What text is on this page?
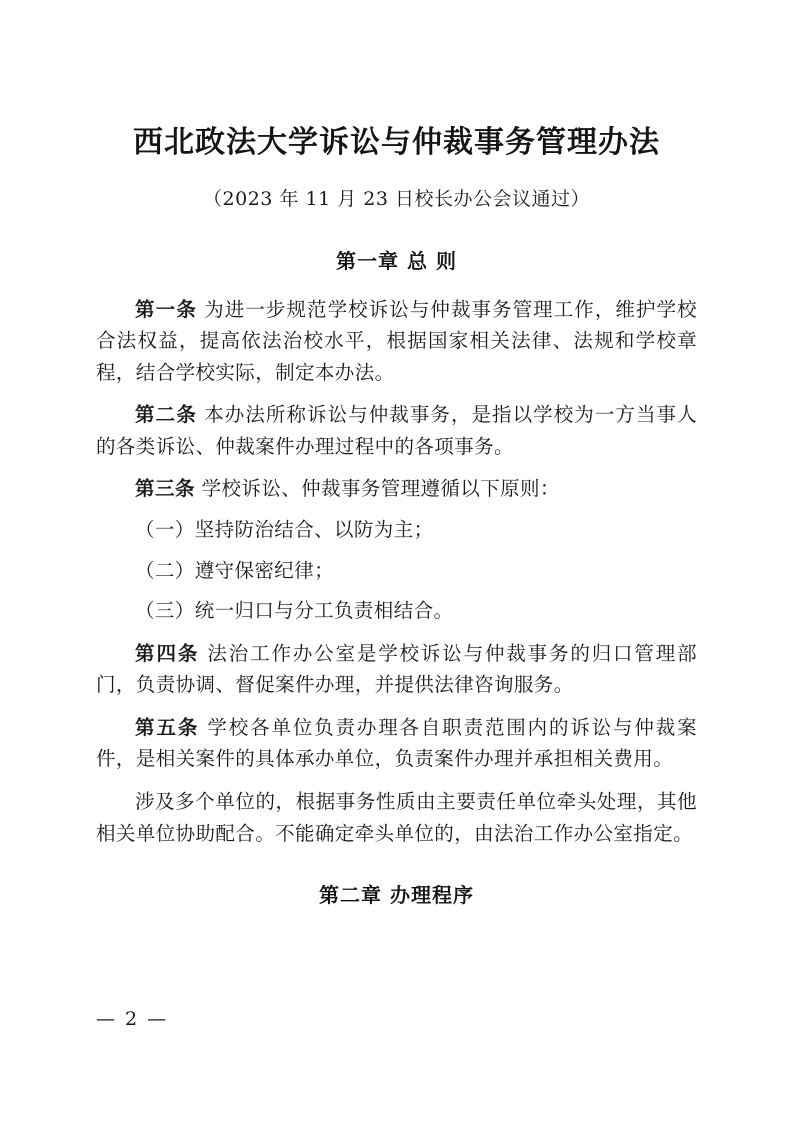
西北政法大学诉讼与仲裁事务管理办法

（2023 年 11 月 23 日校长办公会议通过）

第一章 总 则

第一条 为进一步规范学校诉讼与仲裁事务管理工作，维护学校合法权益，提高依法治校水平，根据国家相关法律、法规和学校章程，结合学校实际，制定本办法。

第二条 本办法所称诉讼与仲裁事务，是指以学校为一方当事人的各类诉讼、仲裁案件办理过程中的各项事务。

第三条 学校诉讼、仲裁事务管理遵循以下原则：

（一）坚持防治结合、以防为主；

（二）遵守保密纪律；

（三）统一归口与分工负责相结合。

第四条 法治工作办公室是学校诉讼与仲裁事务的归口管理部门，负责协调、督促案件办理，并提供法律咨询服务。

第五条 学校各单位负责办理各自职责范围内的诉讼与仲裁案件，是相关案件的具体承办单位，负责案件办理并承担相关费用。

涉及多个单位的，根据事务性质由主要责任单位牵头处理，其他相关单位协助配合。不能确定牵头单位的，由法治工作办公室指定。

第二章 办理程序
— 2 —
